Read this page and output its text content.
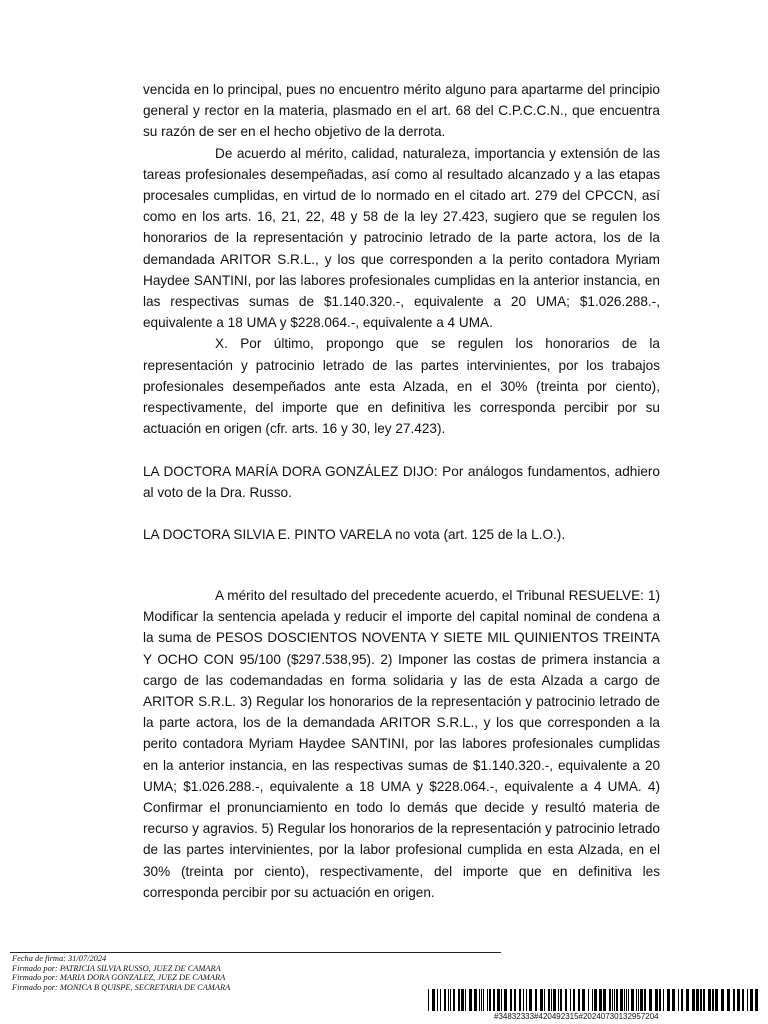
vencida en lo principal, pues no encuentro mérito alguno para apartarme del principio general y rector en la materia, plasmado en el art. 68 del C.P.C.C.N., que encuentra su razón de ser en el hecho objetivo de la derrota.

De acuerdo al mérito, calidad, naturaleza, importancia y extensión de las tareas profesionales desempeñadas, así como al resultado alcanzado y a las etapas procesales cumplidas, en virtud de lo normado en el citado art. 279 del CPCCN, así como en los arts. 16, 21, 22, 48 y 58 de la ley 27.423, sugiero que se regulen los honorarios de la representación y patrocinio letrado de la parte actora, los de la demandada ARITOR S.R.L., y los que corresponden a la perito contadora Myriam Haydee SANTINI, por las labores profesionales cumplidas en la anterior instancia, en las respectivas sumas de $1.140.320.-, equivalente a 20 UMA; $1.026.288.-, equivalente a 18 UMA y $228.064.-, equivalente a 4 UMA.

X. Por último, propongo que se regulen los honorarios de la representación y patrocinio letrado de las partes intervinientes, por los trabajos profesionales desempeñados ante esta Alzada, en el 30% (treinta por ciento), respectivamente, del importe que en definitiva les corresponda percibir por su actuación en origen (cfr. arts. 16 y 30, ley 27.423).

LA DOCTORA MARÍA DORA GONZÁLEZ DIJO: Por análogos fundamentos, adhiero al voto de la Dra. Russo.

LA DOCTORA SILVIA E. PINTO VARELA no vota (art. 125 de la L.O.).

A mérito del resultado del precedente acuerdo, el Tribunal RESUELVE: 1) Modificar la sentencia apelada y reducir el importe del capital nominal de condena a la suma de PESOS DOSCIENTOS NOVENTA Y SIETE MIL QUINIENTOS TREINTA Y OCHO CON 95/100 ($297.538,95). 2) Imponer las costas de primera instancia a cargo de las codemandadas en forma solidaria y las de esta Alzada a cargo de ARITOR S.R.L. 3) Regular los honorarios de la representación y patrocinio letrado de la parte actora, los de la demandada ARITOR S.R.L., y los que corresponden a la perito contadora Myriam Haydee SANTINI, por las labores profesionales cumplidas en la anterior instancia, en las respectivas sumas de $1.140.320.-, equivalente a 20 UMA; $1.026.288.-, equivalente a 18 UMA y $228.064.-, equivalente a 4 UMA. 4) Confirmar el pronunciamiento en todo lo demás que decide y resultó materia de recurso y agravios. 5) Regular los honorarios de la representación y patrocinio letrado de las partes intervinientes, por la labor profesional cumplida en esta Alzada, en el 30% (treinta por ciento), respectivamente, del importe que en definitiva les corresponda percibir por su actuación en origen.

Fecha de firma: 31/07/2024
Firmado por: PATRICIA SILVIA RUSSO, JUEZ DE CAMARA
Firmado por: MARIA DORA GONZALEZ, JUEZ DE CAMARA
Firmado por: MONICA B QUISPE, SECRETARIA DE CAMARA
#34832333#420492315#20240730132957204
